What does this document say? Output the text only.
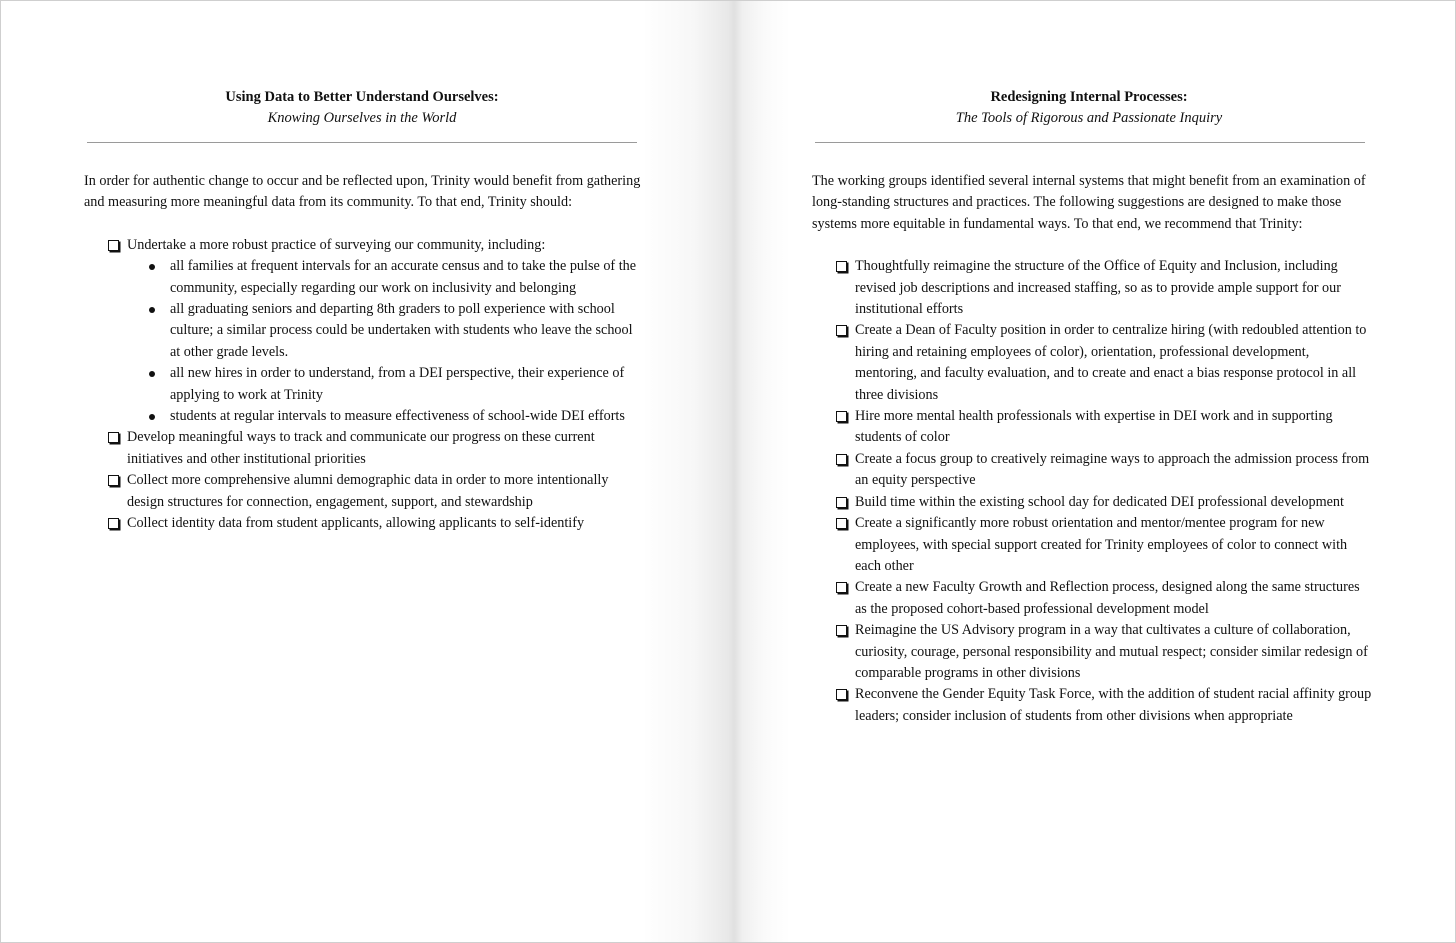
Using Data to Better Understand Ourselves:
Knowing Ourselves in the World

In order for authentic change to occur and be reflected upon, Trinity would benefit from gathering and measuring more meaningful data from its community. To that end, Trinity should:

Undertake a more robust practice of surveying our community, including:
all families at frequent intervals for an accurate census and to take the pulse of the community, especially regarding our work on inclusivity and belonging
all graduating seniors and departing 8th graders to poll experience with school culture; a similar process could be undertaken with students who leave the school at other grade levels.
all new hires in order to understand, from a DEI perspective, their experience of applying to work at Trinity
students at regular intervals to measure effectiveness of school-wide DEI efforts
Develop meaningful ways to track and communicate our progress on these current initiatives and other institutional priorities
Collect more comprehensive alumni demographic data in order to more intentionally design structures for connection, engagement, support, and stewardship
Collect identity data from student applicants, allowing applicants to self-identify
Redesigning Internal Processes:
The Tools of Rigorous and Passionate Inquiry

The working groups identified several internal systems that might benefit from an examination of long-standing structures and practices. The following suggestions are designed to make those systems more equitable in fundamental ways. To that end, we recommend that Trinity:

Thoughtfully reimagine the structure of the Office of Equity and Inclusion, including revised job descriptions and increased staffing, so as to provide ample support for our institutional efforts
Create a Dean of Faculty position in order to centralize hiring (with redoubled attention to hiring and retaining employees of color), orientation, professional development, mentoring, and faculty evaluation, and to create and enact a bias response protocol in all three divisions
Hire more mental health professionals with expertise in DEI work and in supporting students of color
Create a focus group to creatively reimagine ways to approach the admission process from an equity perspective
Build time within the existing school day for dedicated DEI professional development
Create a significantly more robust orientation and mentor/mentee program for new employees, with special support created for Trinity employees of color to connect with each other
Create a new Faculty Growth and Reflection process, designed along the same structures as the proposed cohort-based professional development model
Reimagine the US Advisory program in a way that cultivates a culture of collaboration, curiosity, courage, personal responsibility and mutual respect; consider similar redesign of comparable programs in other divisions
Reconvene the Gender Equity Task Force, with the addition of student racial affinity group leaders; consider inclusion of students from other divisions when appropriate
